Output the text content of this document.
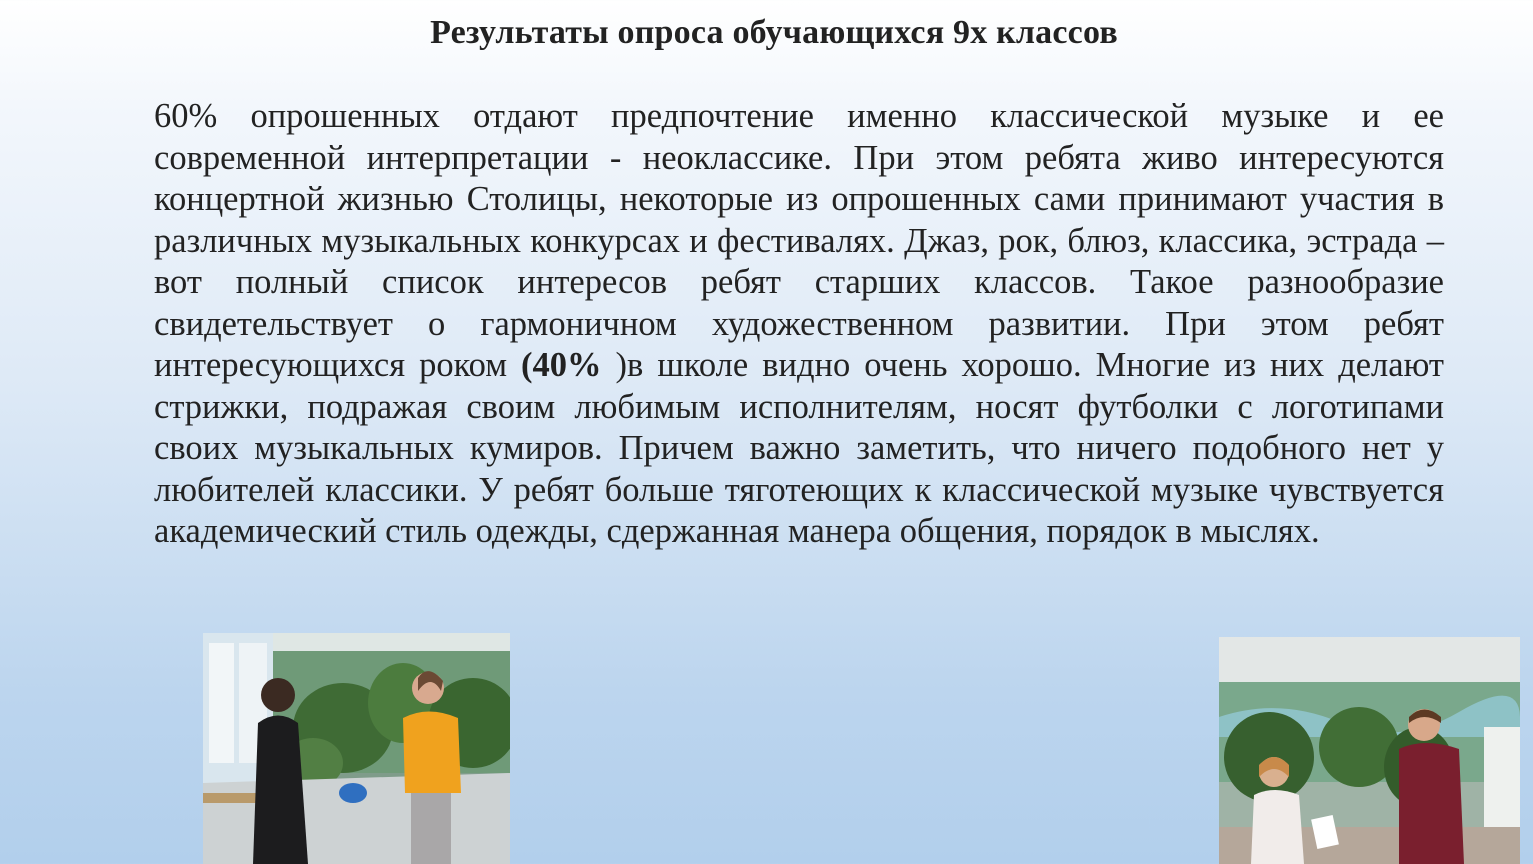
Результаты опроса обучающихся 9х классов

60% опрошенных отдают предпочтение именно классической музыке и ее современной интерпретации - неоклассике. При этом ребята живо интересуются концертной жизнью Столицы, некоторые из опрошенных сами принимают участия в различных музыкальных конкурсах и фестивалях. Джаз, рок, блюз, классика, эстрада – вот полный список интересов ребят старших классов. Такое разнообразие свидетельствует о гармоничном художественном развитии. При этом ребят интересующихся роком (40% )в школе видно очень хорошо. Многие из них делают стрижки, подражая своим любимым исполнителям, носят футболки с логотипами своих музыкальных кумиров. Причем важно заметить, что ничего подобного нет у любителей классики. У ребят больше тяготеющих к классической музыке чувствуется академический стиль одежды, сдержанная манера общения, порядок в мыслях.
